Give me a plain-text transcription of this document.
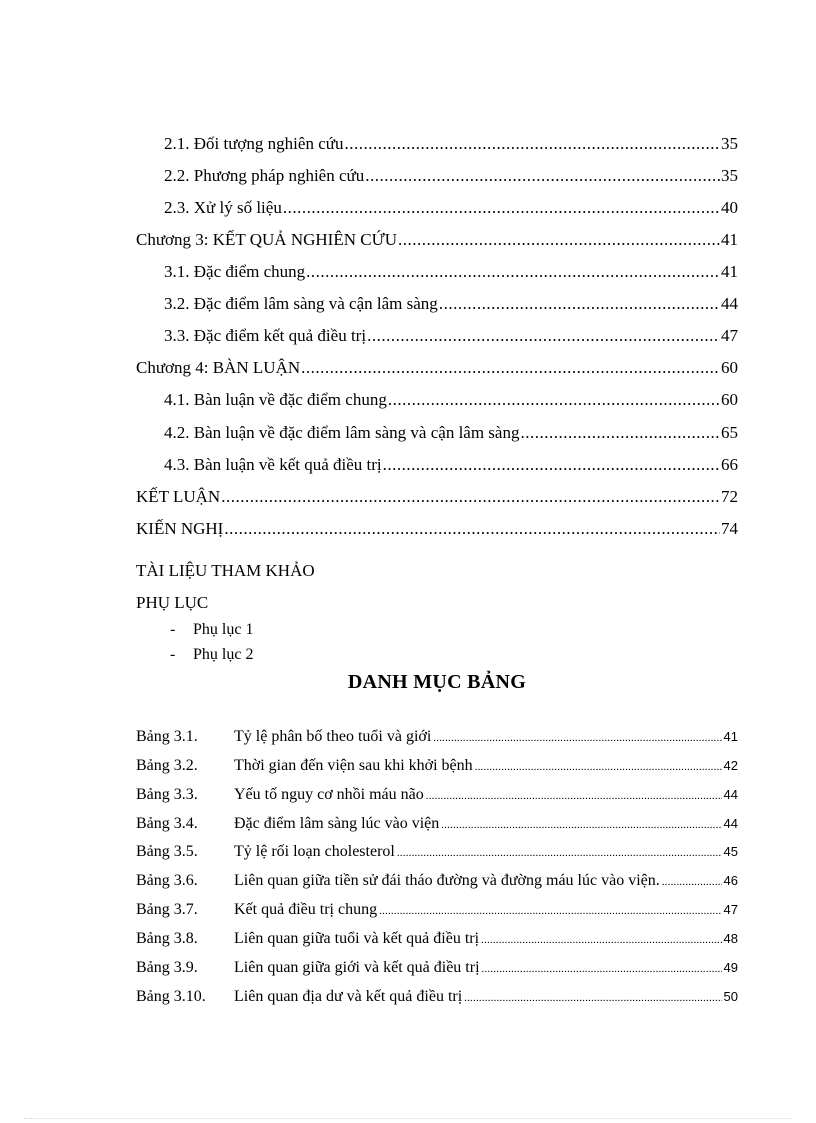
2.1. Đối tượng nghiên cứu .....	35
2.2. Phương pháp nghiên cứu .....	35
2.3. Xử lý số liệu .....	40
Chương 3: KẾT QUẢ NGHIÊN CỨU .....	41
3.1. Đặc điểm chung .....	41
3.2. Đặc điểm lâm sàng và cận lâm sàng .....	44
3.3. Đặc điểm kết quả điều trị .....	47
Chương 4: BÀN LUẬN .....	60
4.1. Bàn luận về đặc điểm chung .....	60
4.2. Bàn luận về đặc điểm lâm sàng và cận lâm sàng .....	65
4.3. Bàn luận về kết quả điều trị .....	66
KẾT LUẬN .....	72
KIẾN NGHỊ .....	74
TÀI LIỆU THAM KHẢO
PHỤ LỤC
- Phụ lục 1
- Phụ lục 2
DANH MỤC BẢNG
Bảng 3.1.	Tỷ lệ phân bố theo tuổi và giới .....	41
Bảng 3.2.	Thời gian đến viện sau khi khởi bệnh .....	42
Bảng 3.3.	Yếu tố nguy cơ nhồi máu não .....	44
Bảng 3.4.	Đặc điểm lâm sàng lúc vào viện .....	44
Bảng 3.5.	Tỷ lệ rối loạn cholesterol .....	45
Bảng 3.6.	Liên quan giữa tiền sử đái tháo đường và đường máu lúc vào viện. .....	46
Bảng 3.7.	Kết quả điều trị chung .....	47
Bảng 3.8.	Liên quan giữa tuổi và kết quả điều trị .....	48
Bảng 3.9.	Liên quan giữa giới và kết quả điều trị .....	49
Bảng 3.10.	Liên quan địa dư và kết quả điều trị .....	50
